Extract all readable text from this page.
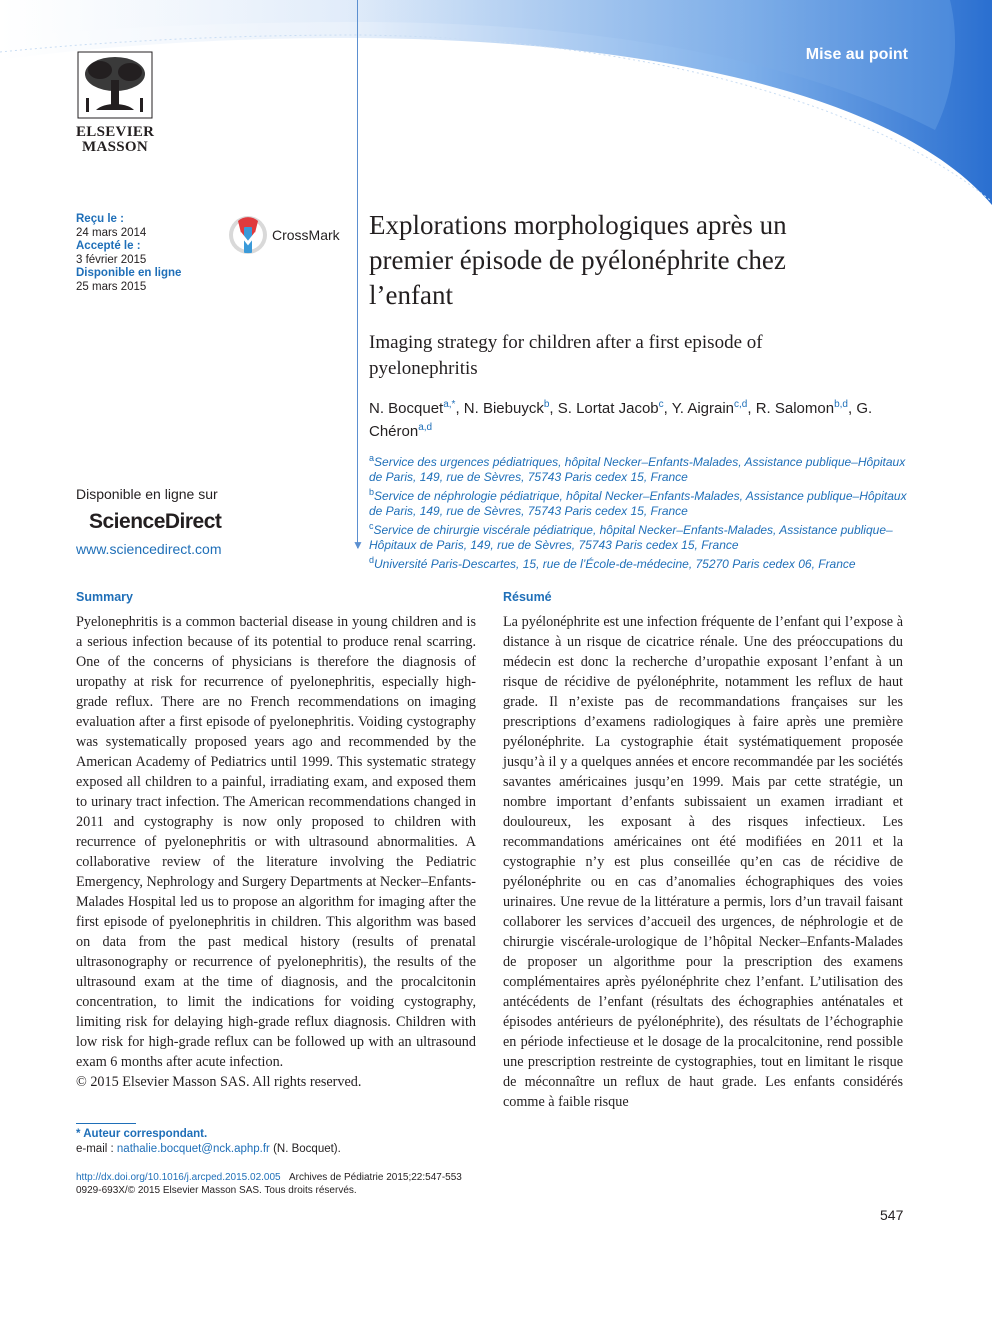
Mise au point
ELSEVIER
MASSON
Reçu le :
24 mars 2014
Accepté le :
3 février 2015
Disponible en ligne
25 mars 2015
CrossMark Explorations morphologiques après un premier épisode de pyélonéphrite chez l’enfant
Imaging strategy for children after a first episode of pyelonephritis
N. Bocquet$^{a,*}$, N. Biebuyck$^b$, S. Lortat Jacob$^c$, Y. Aigrain$^{c,d}$, R. Salomon$^{b,d}$, G. Chéron$^{a,d}$
$^a$Service des urgences pédiatriques, hôpital Necker–Enfants-Malades, Assistance publique–Hôpitaux de Paris, 149, rue de Sèvres, 75743 Paris cedex 15, France
$^b$Service de néphrologie pédiatrique, hôpital Necker–Enfants-Malades, Assistance publique–Hôpitaux de Paris, 149, rue de Sèvres, 75743 Paris cedex 15, France
$^c$Service de chirurgie viscérale pédiatrique, hôpital Necker–Enfants-Malades, Assistance publique–Hôpitaux de Paris, 149, rue de Sèvres, 75743 Paris cedex 15, France
$^d$Université Paris-Descartes, 15, rue de l’École-de-médecine, 75270 Paris cedex 06, France
▼
Disponible en ligne sur
ScienceDirect
www.sciencedirect.com
Summary

Pyelonephritis is a common bacterial disease in young children and is a serious infection because of its potential to produce renal scarring. One of the concerns of physicians is therefore the diagnosis of uropathy at risk for recurrence of pyelonephritis, especially high-grade reflux. There are no French recommendations on imaging evaluation after a first episode of pyelonephritis. Voiding cystography was systematically proposed years ago and recommended by the American Academy of Pediatrics until 1999. This systematic strategy exposed all children to a painful, irradiating exam, and exposed them to urinary tract infection. The American recommendations changed in 2011 and cystography is now only proposed to children with recurrence of pyelonephritis or with ultrasound abnormalities. A collaborative review of the literature involving the Pediatric Emergency, Nephrology and Surgery Departments at Necker–Enfants-Malades Hospital led us to propose an algorithm for imaging after the first episode of pyelonephritis in children. This algorithm was based on data from the past medical history (results of prenatal ultrasonography or recurrence of pyelonephritis), the results of the ultrasound exam at the time of diagnosis, and the procalcitonin concentration, to limit the indications for voiding cystography, limiting risk for delaying high-grade reflux diagnosis. Children with low risk for high-grade reflux can be followed up with an ultrasound exam 6 months after acute infection.

© 2015 Elsevier Masson SAS. All rights reserved.

Résumé

La pyélonéphrite est une infection fréquente de l’enfant qui l’expose à distance à un risque de cicatrice rénale. Une des préoccupations du médecin est donc la recherche d’uropathie exposant l’enfant à un risque de récidive de pyélonéphrite, notamment les reflux de haut grade. Il n’existe pas de recommandations françaises sur les prescriptions d’examens radiologiques à faire après une première pyélonéphrite. La cystographie était systématiquement proposée jusqu’à il y a quelques années et encore recommandée par les sociétés savantes américaines jusqu’en 1999. Mais par cette stratégie, un nombre important d’enfants subissaient un examen irradiant et douloureux, les exposant à des risques infectieux. Les recommandations américaines ont été modifiées en 2011 et la cystographie n’y est plus conseillée qu’en cas de récidive de pyélonéphrite ou en cas d’anomalies échographiques des voies urinaires. Une revue de la littérature a permis, lors d’un travail faisant collaborer les services d’accueil des urgences, de néphrologie et de chirurgie viscérale-urologique de l’hôpital Necker–Enfants-Malades de proposer un algorithme pour la prescription des examens complémentaires après pyélonéphrite chez l’enfant. L’utilisation des antécédents de l’enfant (résultats des échographies anténatales et épisodes antérieurs de pyélonéphrite), des résultats de l’échographie en période infectieuse et le dosage de la procalcitonine, rend possible une prescription restreinte de cystographies, tout en limitant le risque de méconnaître un reflux de haut grade. Les enfants considérés comme à faible risque

* Auteur correspondant.
e-mail : nathalie.bocquet@nck.aphp.fr (N. Bocquet).
http://dx.doi.org/10.1016/j.arcped.2015.02.005 Archives de Pédiatrie 2015;22:547-553
0929-693X/© 2015 Elsevier Masson SAS. Tous droits réservés.
547
